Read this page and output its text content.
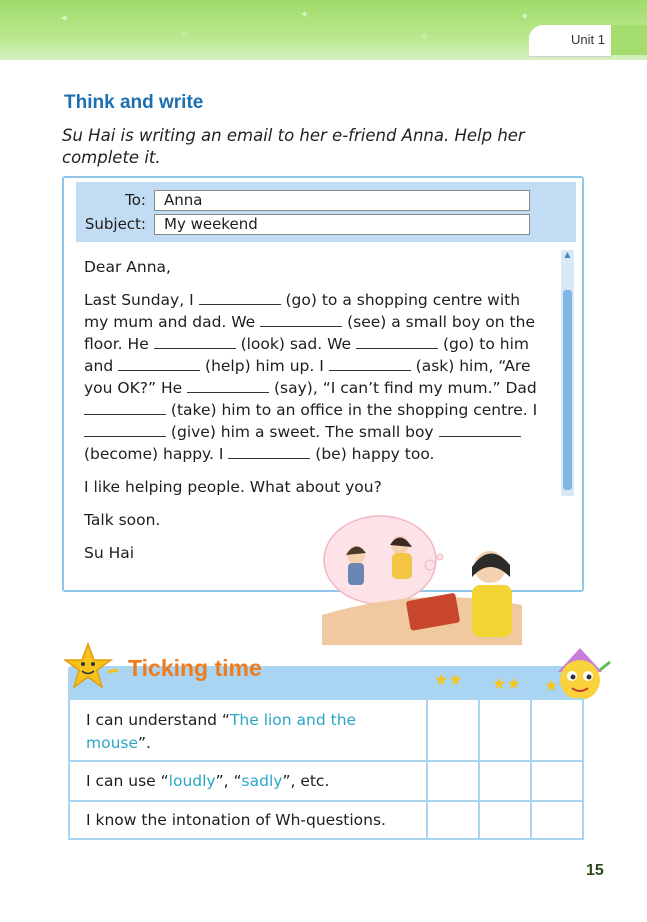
✦
✧
✦
✧
✦
Unit 1
Think and write
Su Hai is writing an email to her e-friend Anna. Help her complete it.
To:	Anna
Subject:	My weekend
▲

Dear Anna,

Last Sunday, I	(go) to a shopping centre with my mum and dad. We	(see) a small boy on the floor. He	(look) sad. We	(go) to him and	(help) him up. I	(ask) him, “Are you OK?” He	(say), “I can’t find my mum.” Dad  (take) him to an office in the shopping centre. I  (give) him a sweet. The small boy  (become) happy. I	(be) happy too.

I like helping people. What about you?

Talk soon.

Su Hai

★★ ★★ ★
Ticking time
I can understand “The lion and the mouse”.
I can use “loudly”, “sadly”, etc.
I know the intonation of Wh-questions.
15
